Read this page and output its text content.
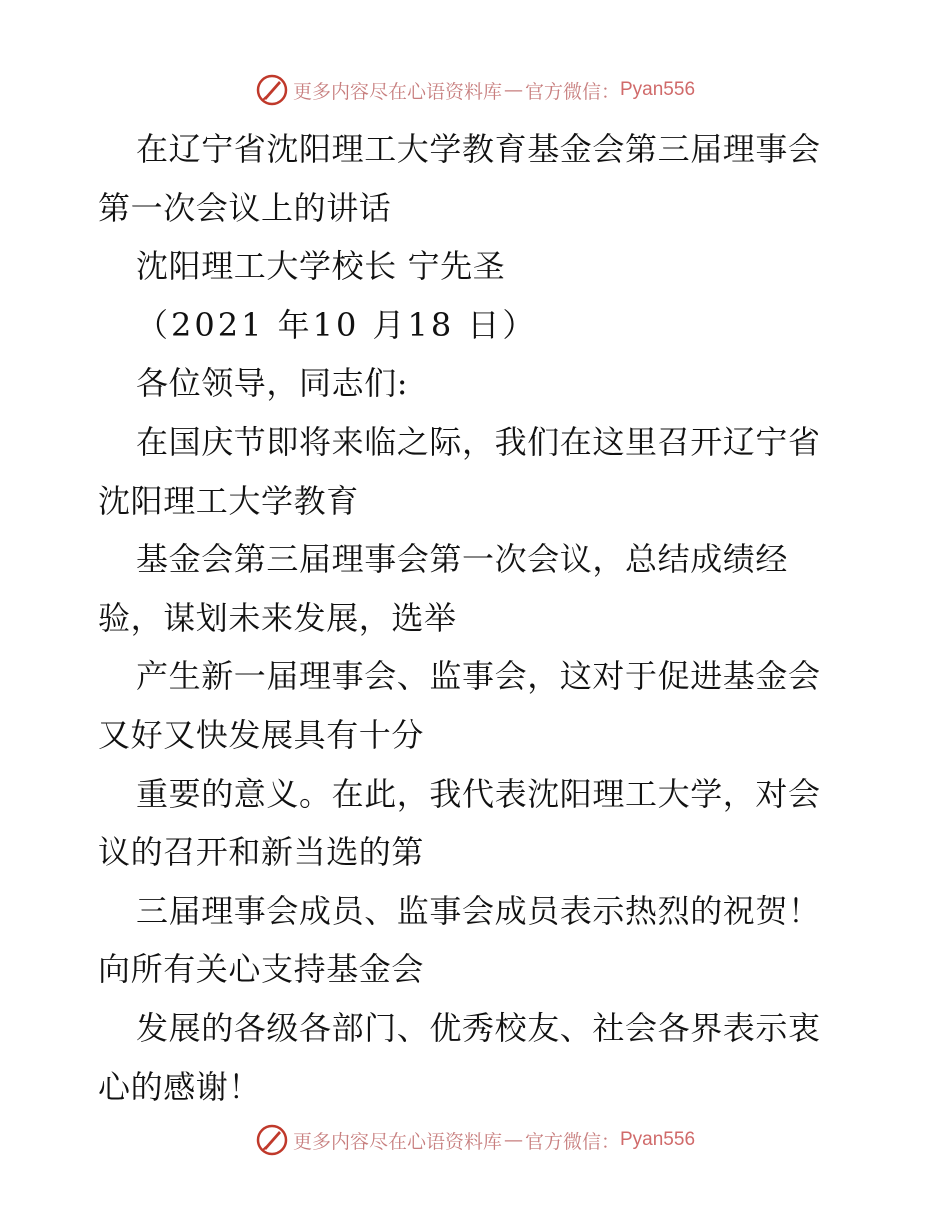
更多内容尽在心语资料库 — 官方微信： Pyan556
在辽宁省沈阳理工大学教育基金会第三届理事会
第一次会议上的讲话
沈阳理工大学校长 宁先圣
（2021 年10 月18 日）
各位领导，同志们:
在国庆节即将来临之际，我们在这里召开辽宁省
沈阳理工大学教育
基金会第三届理事会第一次会议，总结成绩经
验，谋划未来发展，选举
产生新一届理事会、监事会，这对于促进基金会
又好又快发展具有十分
重要的意义。在此，我代表沈阳理工大学，对会
议的召开和新当选的第
三届理事会成员、监事会成员表示热烈的祝贺！
向所有关心支持基金会
发展的各级各部门、优秀校友、社会各界表示衷
心的感谢！
更多内容尽在心语资料库 — 官方微信： Pyan556
